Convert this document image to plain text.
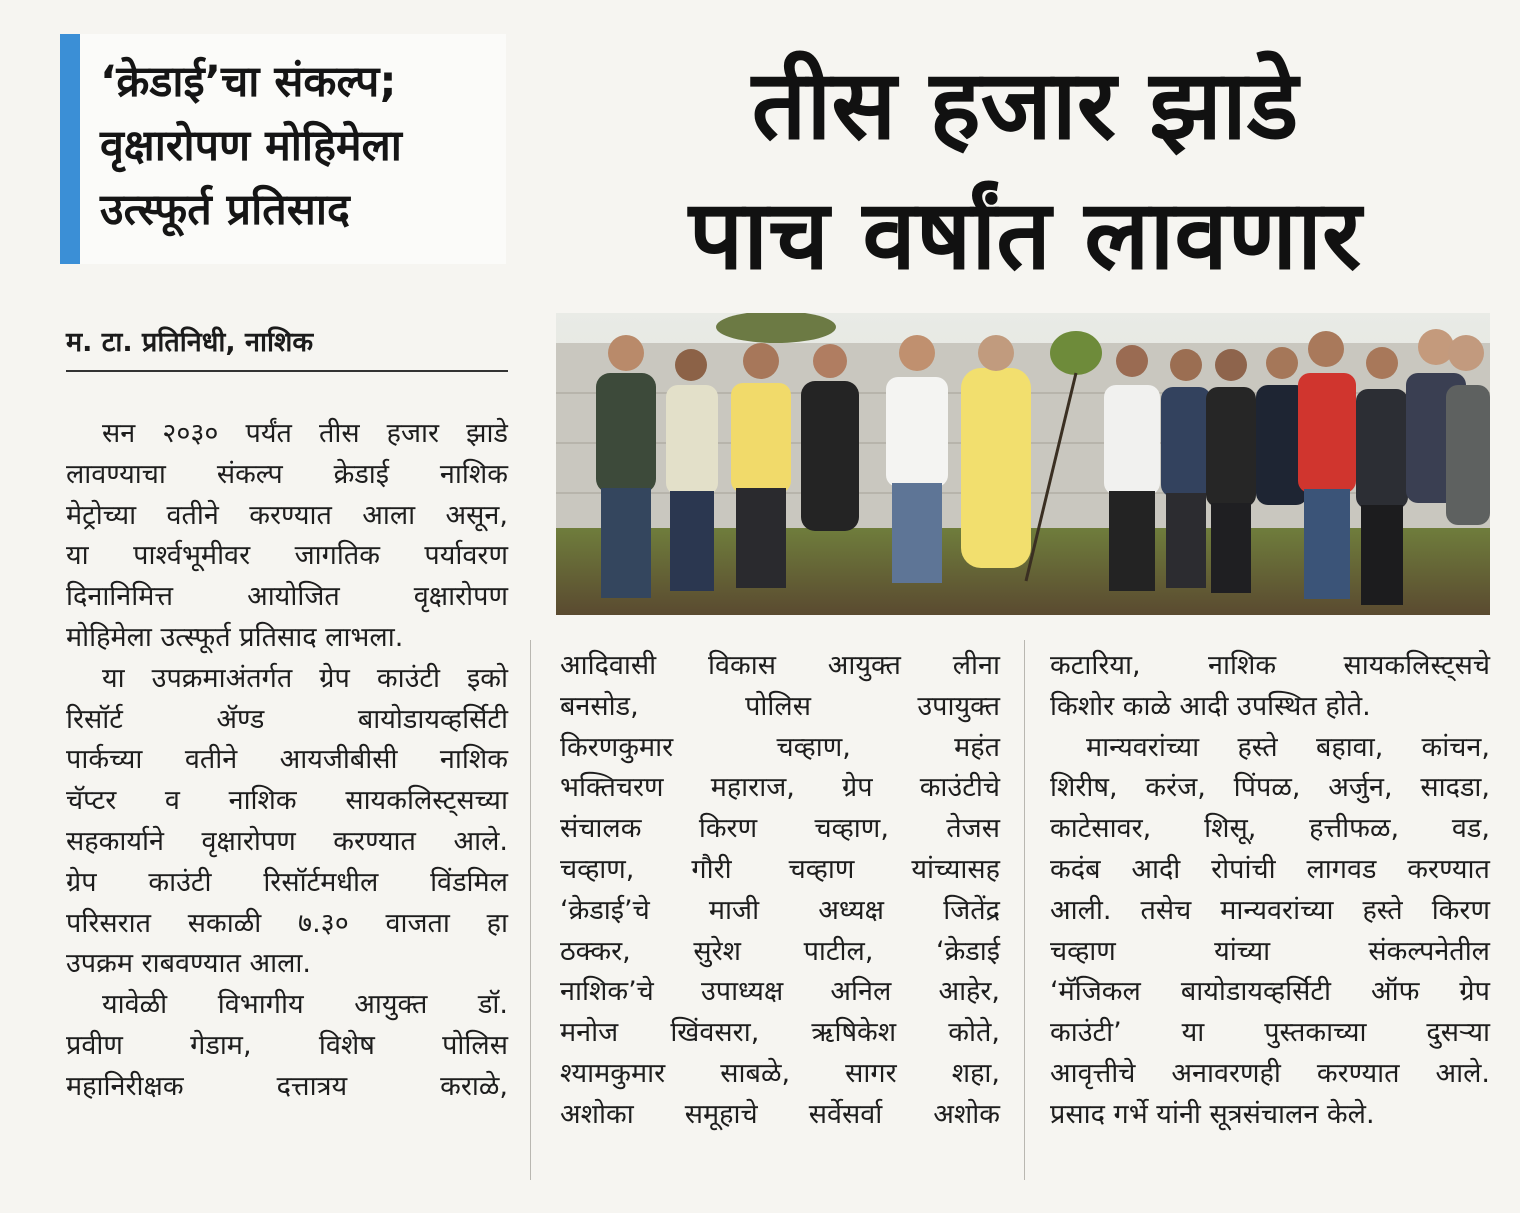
‘क्रेडाई’चा संकल्प;
वृक्षारोपण मोहिमेला
उत्स्फूर्त प्रतिसाद
तीस हजार झाडे
पाच वर्षांत लावणार
म. टा. प्रतिनिधी, नाशिक
सन २०३० पर्यंत तीस हजार झाडे
लावण्याचा संकल्प क्रेडाई नाशिक
मेट्रोच्या वतीने करण्यात आला असून,
या पार्श्वभूमीवर जागतिक पर्यावरण
दिनानिमित्त	आयोजित	वृक्षारोपण
मोहिमेला उत्स्फूर्त प्रतिसाद लाभला.
या उपक्रमाअंतर्गत ग्रेप काउंटी इको
रिसॉर्ट	ॲण्ड	बायोडायव्हर्सिटी
पार्कच्या वतीने आयजीबीसी नाशिक
चॅप्टर व नाशिक सायकलिस्ट्सच्या
सहकार्याने वृक्षारोपण करण्यात आले.
ग्रेप काउंटी रिसॉर्टमधील विंडमिल
परिसरात सकाळी ७.३० वाजता हा
उपक्रम राबवण्यात आला.
यावेळी विभागीय आयुक्त डॉ.
प्रवीण गेडाम, विशेष पोलिस
महानिरीक्षक	दत्तात्रय	कराळे,
आदिवासी विकास आयुक्त लीना
बनसोड,	पोलिस	उपायुक्त
किरणकुमार	चव्हाण,	महंत
भक्तिचरण महाराज, ग्रेप काउंटीचे
संचालक किरण चव्हाण, तेजस
चव्हाण, गौरी चव्हाण यांच्यासह
‘क्रेडाई’चे माजी अध्यक्ष जितेंद्र
ठक्कर, सुरेश पाटील, ‘क्रेडाई
नाशिक’चे उपाध्यक्ष अनिल आहेर,
मनोज खिंवसरा, ऋषिकेश कोते,
श्यामकुमार साबळे, सागर शहा,
अशोका समूहाचे सर्वेसर्वा अशोक
कटारिया, नाशिक सायकलिस्ट्सचे
किशोर काळे आदी उपस्थित होते.
मान्यवरांच्या हस्ते बहावा, कांचन,
शिरीष, करंज, पिंपळ, अर्जुन, सादडा,
काटेसावर, शिसू, हत्तीफळ, वड,
कदंब आदी रोपांची लागवड करण्यात
आली. तसेच मान्यवरांच्या हस्ते किरण
चव्हाण	यांच्या	संकल्पनेतील
‘मॅजिकल बायोडायव्हर्सिटी ऑफ ग्रेप
काउंटी’ या पुस्तकाच्या दुसऱ्या
आवृत्तीचे अनावरणही करण्यात आले.
प्रसाद गर्भे यांनी सूत्रसंचालन केले.
